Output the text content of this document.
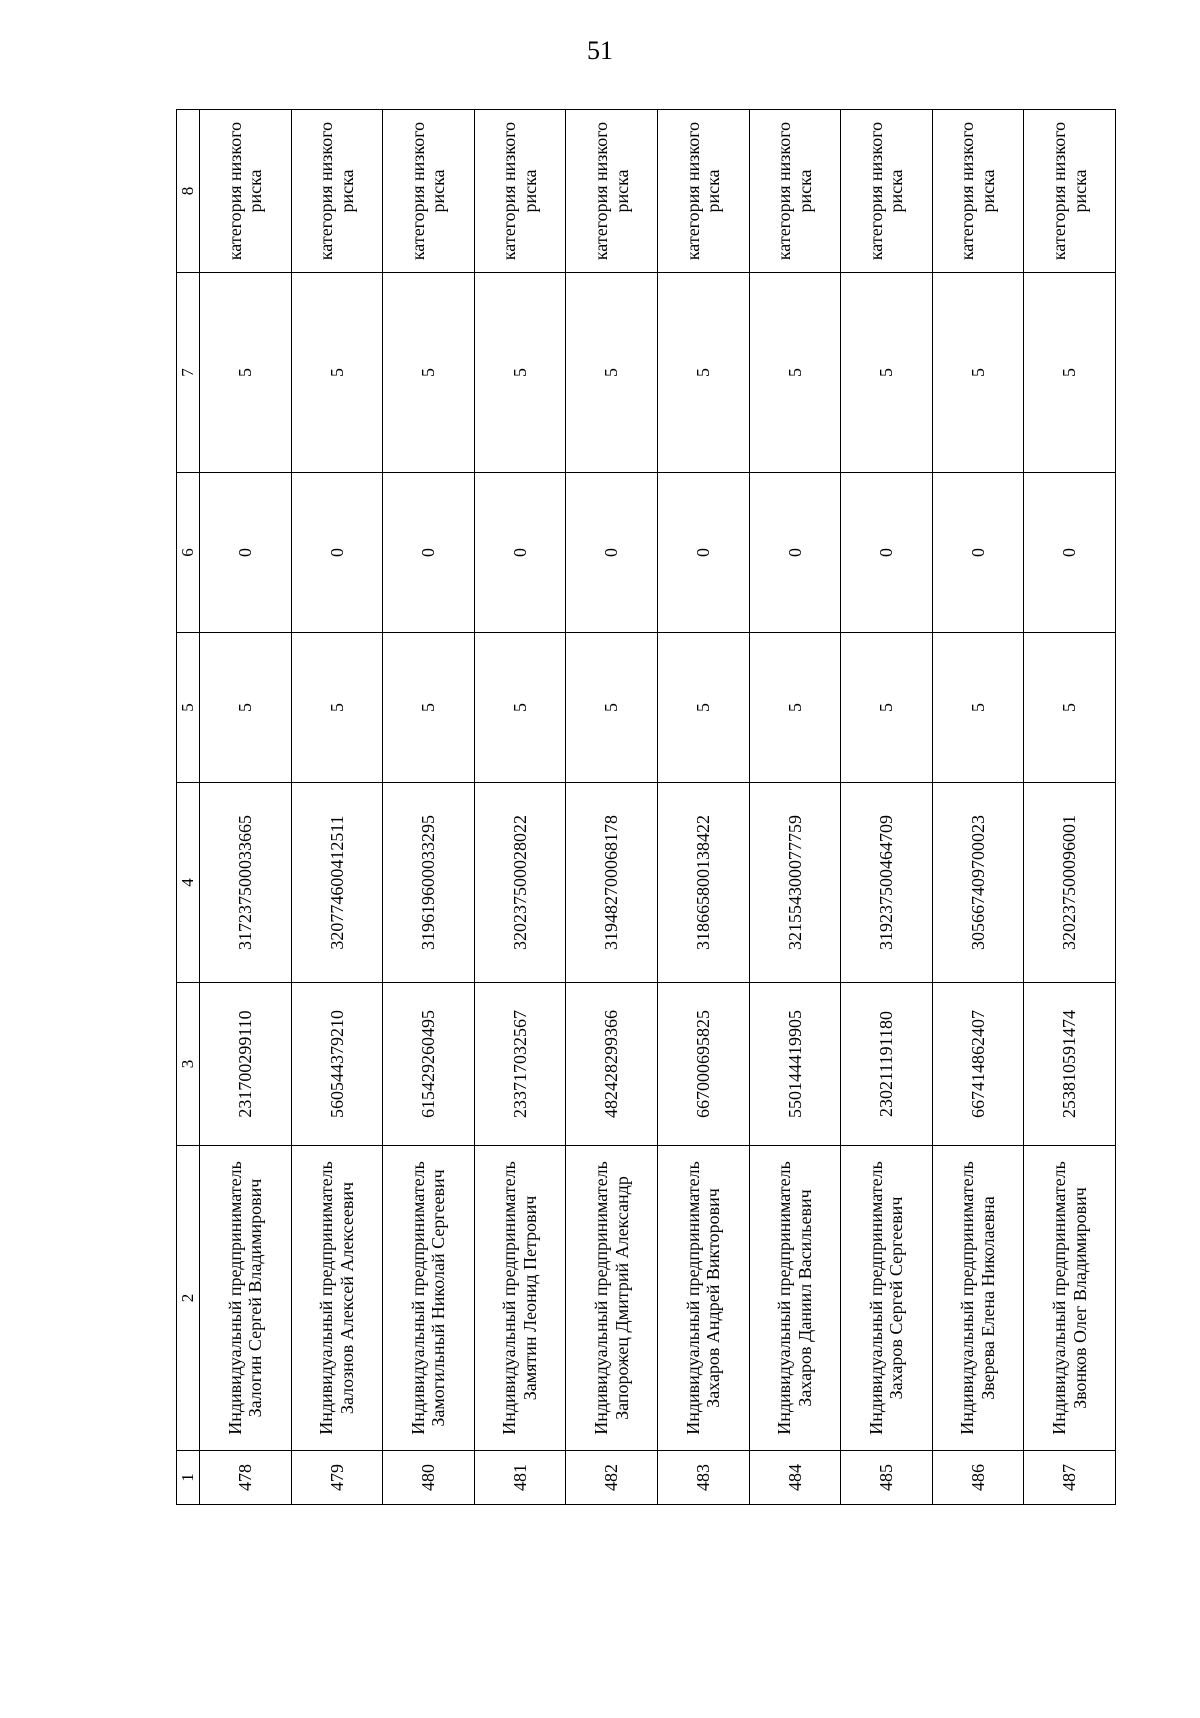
51
1	2	3	4	5	6	7	8
478	Индивидуальный предприниматель Залогин Сергей Владимирович	231700299110	317237500033665	5	0	5	категория низкого риска
479	Индивидуальный предприниматель Залознов Алексей Алексеевич	560544379210	320774600412511	5	0	5	категория низкого риска
480	Индивидуальный предприниматель Замогильный Николай Сергеевич	615429260495	319619600033295	5	0	5	категория низкого риска
481	Индивидуальный предприниматель Замятин Леонид Петрович	233717032567	320237500028022	5	0	5	категория низкого риска
482	Индивидуальный предприниматель Запорожец Дмитрий Александр	482428299366	319482700068178	5	0	5	категория низкого риска
483	Индивидуальный предприниматель Захаров Андрей Викторович	667000695825	318665800138422	5	0	5	категория низкого риска
484	Индивидуальный предприниматель Захаров Даниил Васильевич	550144419905	321554300077759	5	0	5	категория низкого риска
485	Индивидуальный предприниматель Захаров Сергей Сергеевич	230211191180	319237500464709	5	0	5	категория низкого риска
486	Индивидуальный предприниматель Зверева Елена Николаевна	667414862407	305667409700023	5	0	5	категория низкого риска
487	Индивидуальный предприниматель Звонков Олег Владимирович	253810591474	320237500096001	5	0	5	категория низкого риска
